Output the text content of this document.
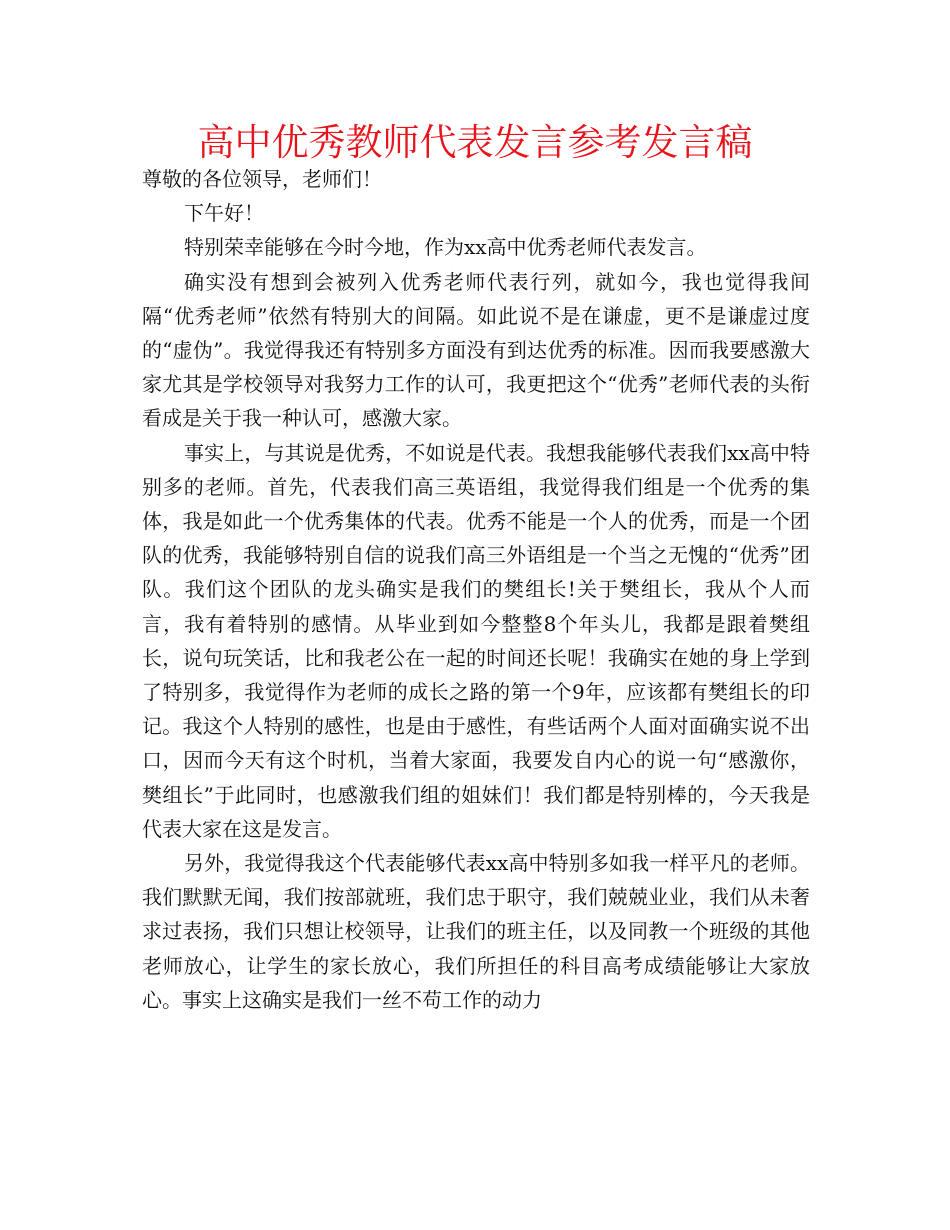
高中优秀教师代表发言参考发言稿

尊敬的各位领导，老师们！

下午好！

特别荣幸能够在今时今地，作为xx高中优秀老师代表发言。

确实没有想到会被列入优秀老师代表行列，就如今，我也觉得我间隔“优秀老师”依然有特别大的间隔。如此说不是在谦虚，更不是谦虚过度的“虚伪”。我觉得我还有特别多方面没有到达优秀的标准。因而我要感激大家尤其是学校领导对我努力工作的认可，我更把这个“优秀”老师代表的头衔看成是关于我一种认可，感激大家。

事实上，与其说是优秀，不如说是代表。我想我能够代表我们xx高中特别多的老师。首先，代表我们高三英语组，我觉得我们组是一个优秀的集体，我是如此一个优秀集体的代表。优秀不能是一个人的优秀，而是一个团队的优秀，我能够特别自信的说我们高三外语组是一个当之无愧的“优秀”团队。我们这个团队的龙头确实是我们的樊组长!关于樊组长，我从个人而言，我有着特别的感情。从毕业到如今整整8个年头儿，我都是跟着樊组长，说句玩笑话，比和我老公在一起的时间还长呢！我确实在她的身上学到了特别多，我觉得作为老师的成长之路的第一个9年，应该都有樊组长的印记。我这个人特别的感性，也是由于感性，有些话两个人面对面确实说不出口，因而今天有这个时机，当着大家面，我要发自内心的说一句“感激你，樊组长”于此同时，也感激我们组的姐妹们！我们都是特别棒的，今天我是代表大家在这是发言。

另外，我觉得我这个代表能够代表xx高中特别多如我一样平凡的老师。我们默默无闻，我们按部就班，我们忠于职守，我们兢兢业业，我们从未奢求过表扬，我们只想让校领导，让我们的班主任，以及同教一个班级的其他老师放心，让学生的家长放心，我们所担任的科目高考成绩能够让大家放心。事实上这确实是我们一丝不苟工作的动力
